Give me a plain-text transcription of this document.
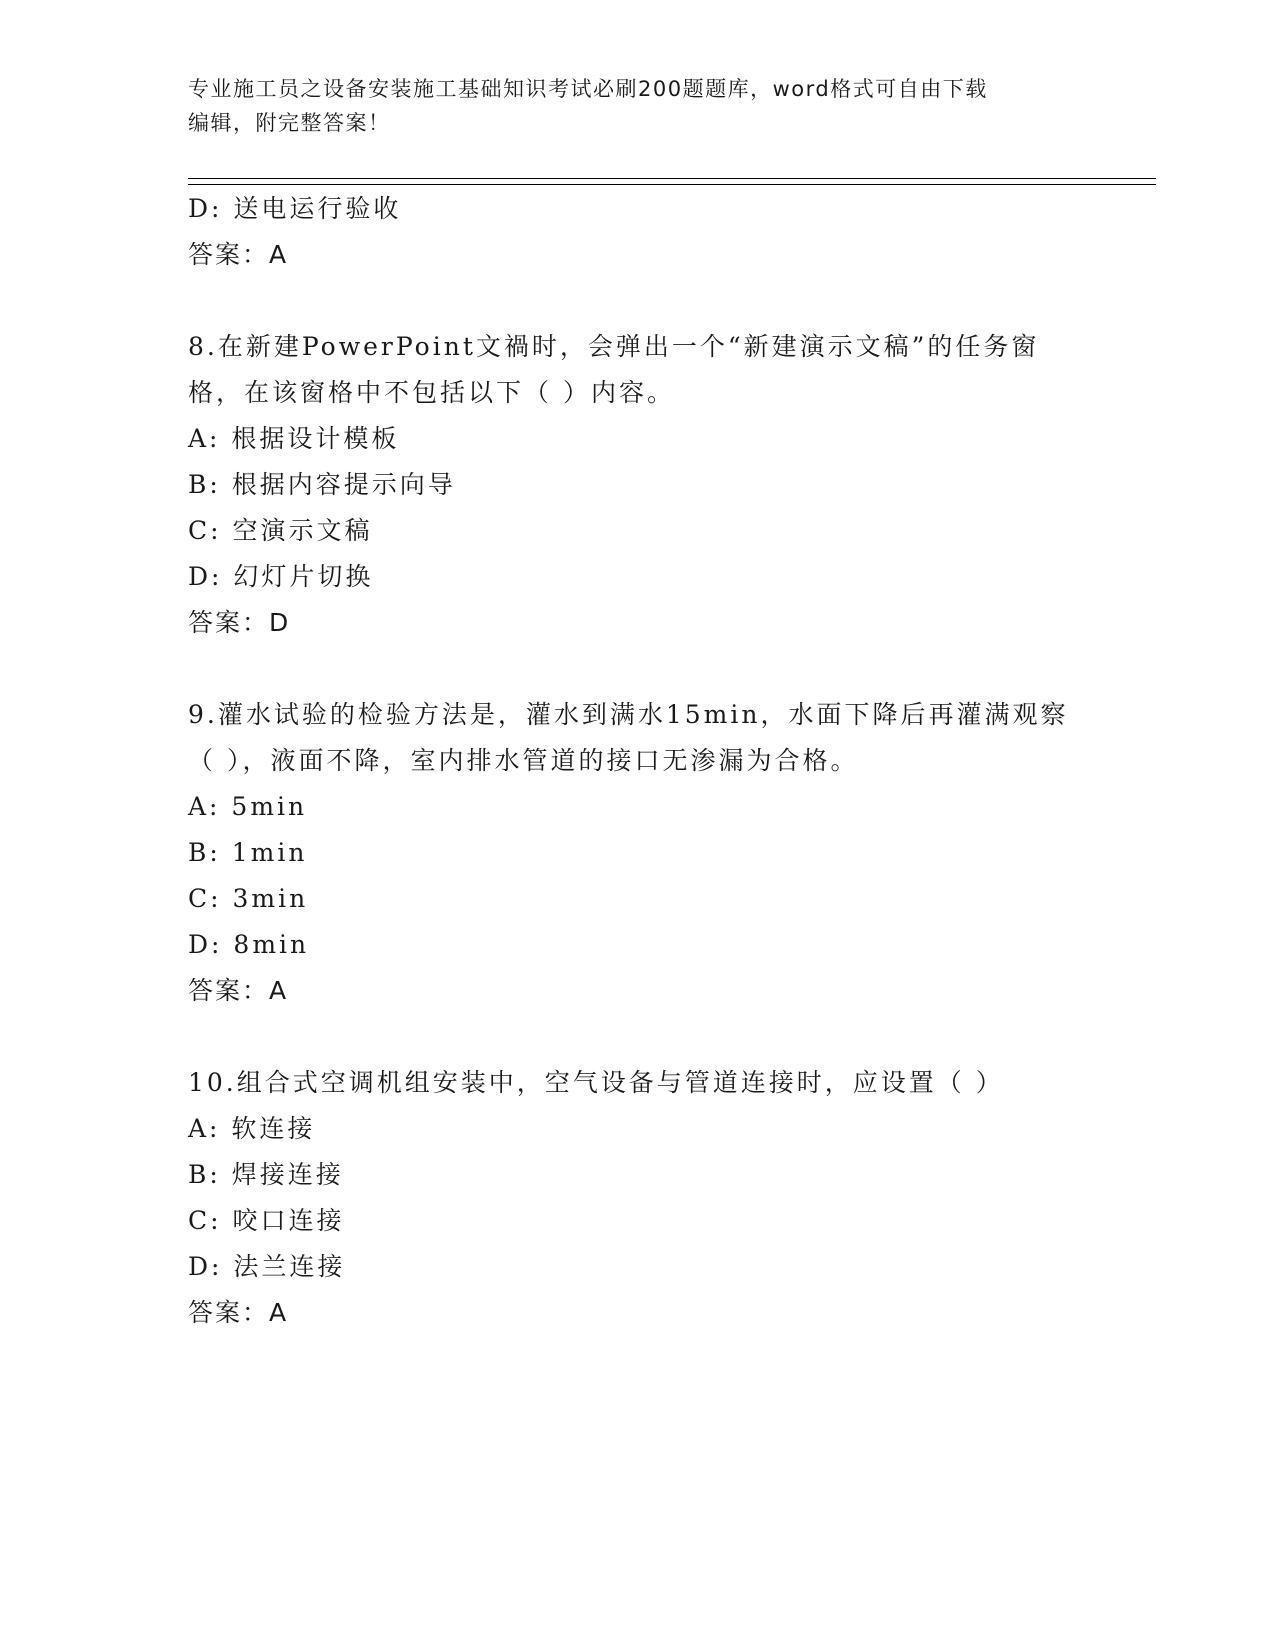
专业施工员之设备安装施工基础知识考试必刷200题题库，word格式可自由下载
编辑，附完整答案！
D: 送电运行验收
答案：A
8.在新建PowerPoint文禍时，会弹出一个“新建演示文稿”的任务窗
格，在该窗格中不包括以下（ ）内容。
A: 根据设计模板
B: 根据内容提示向导
C: 空演示文稿
D: 幻灯片切换
答案：D
9.灌水试验的检验方法是，灌水到满水15min，水面下降后再灌满观察
（ ），液面不降，室内排水管道的接口无渗漏为合格。
A: 5min
B: 1min
C: 3min
D: 8min
答案：A
10.组合式空调机组安装中，空气设备与管道连接时，应设置（ ）
A: 软连接
B: 焊接连接
C: 咬口连接
D: 法兰连接
答案：A
